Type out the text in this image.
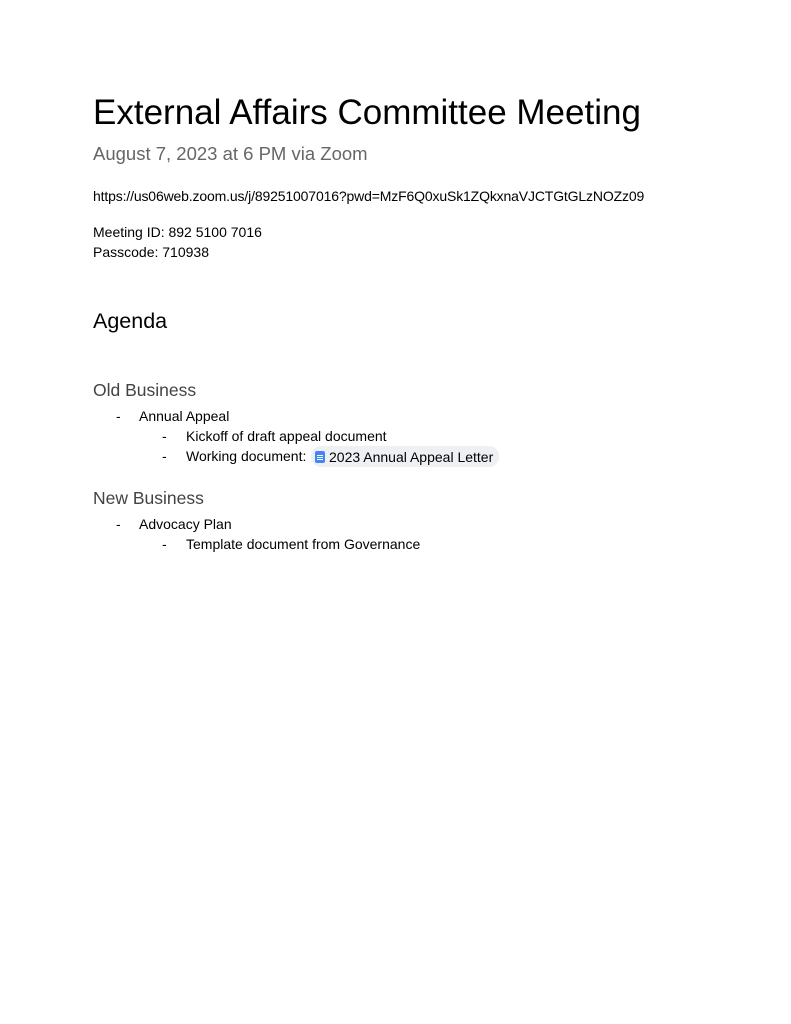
External Affairs Committee Meeting
August 7, 2023 at 6 PM via Zoom
https://us06web.zoom.us/j/89251007016?pwd=MzF6Q0xuSk1ZQkxnaVJCTGtGLzNOZz09
Meeting ID: 892 5100 7016
Passcode: 710938
Agenda
Old Business
- Annual Appeal
- Kickoff of draft appeal document
- Working document: 2023 Annual Appeal Letter
New Business
- Advocacy Plan
- Template document from Governance
